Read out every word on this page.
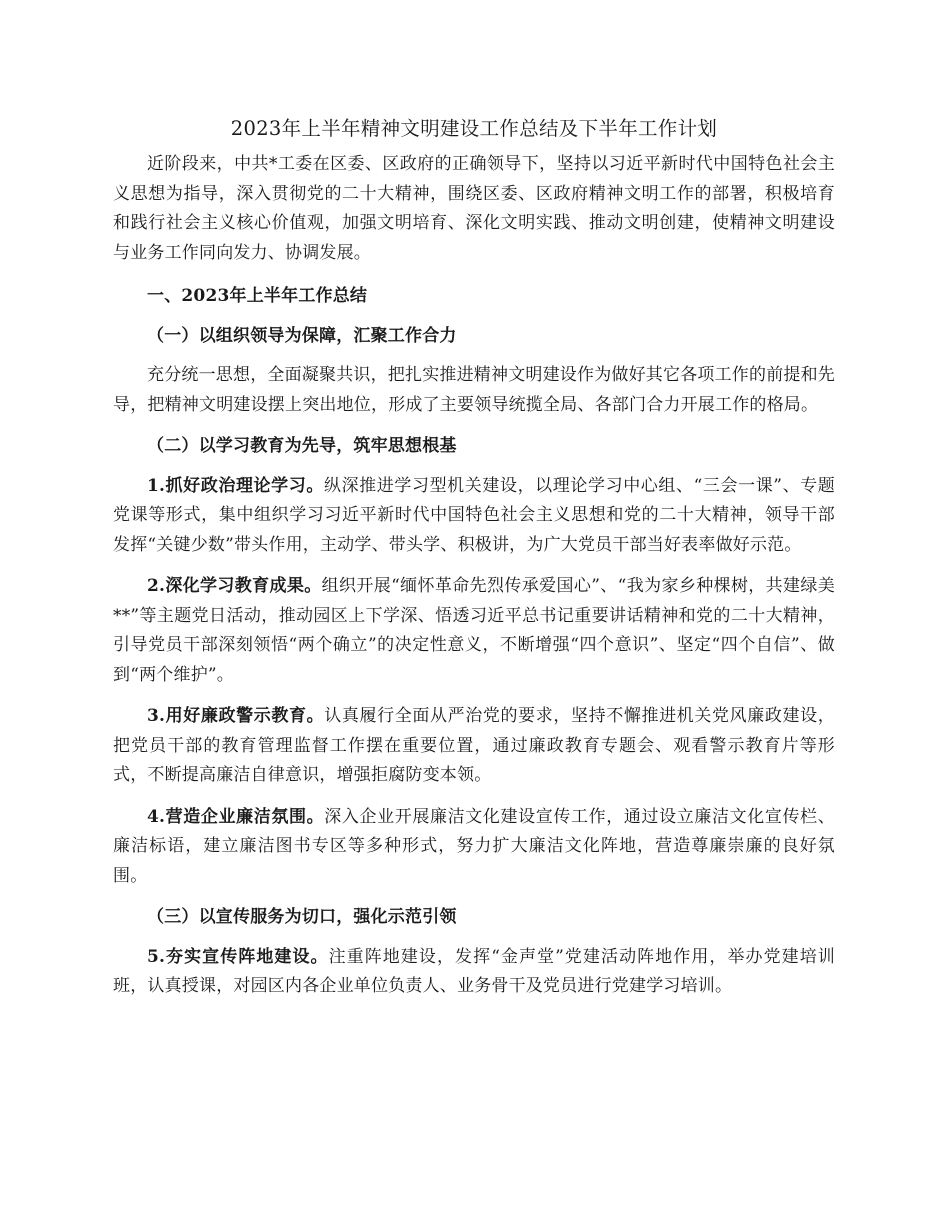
2023年上半年精神文明建设工作总结及下半年工作计划

近阶段来，中共*工委在区委、区政府的正确领导下，坚持以习近平新时代中国特色社会主义思想为指导，深入贯彻党的二十大精神，围绕区委、区政府精神文明工作的部署，积极培育和践行社会主义核心价值观，加强文明培育、深化文明实践、推动文明创建，使精神文明建设与业务工作同向发力、协调发展。

一、2023年上半年工作总结

（一）以组织领导为保障，汇聚工作合力

充分统一思想，全面凝聚共识，把扎实推进精神文明建设作为做好其它各项工作的前提和先导，把精神文明建设摆上突出地位，形成了主要领导统揽全局、各部门合力开展工作的格局。

（二）以学习教育为先导，筑牢思想根基

1.抓好政治理论学习。纵深推进学习型机关建设，以理论学习中心组、“三会一课”、专题党课等形式，集中组织学习习近平新时代中国特色社会主义思想和党的二十大精神，领导干部发挥“关键少数”带头作用，主动学、带头学、积极讲，为广大党员干部当好表率做好示范。

2.深化学习教育成果。组织开展“缅怀革命先烈传承爱国心”、“我为家乡种棵树，共建绿美**”等主题党日活动，推动园区上下学深、悟透习近平总书记重要讲话精神和党的二十大精神，引导党员干部深刻领悟“两个确立”的决定性意义，不断增强“四个意识”、坚定“四个自信”、做到“两个维护”。

3.用好廉政警示教育。认真履行全面从严治党的要求，坚持不懈推进机关党风廉政建设，把党员干部的教育管理监督工作摆在重要位置，通过廉政教育专题会、观看警示教育片等形式，不断提高廉洁自律意识，增强拒腐防变本领。

4.营造企业廉洁氛围。深入企业开展廉洁文化建设宣传工作，通过设立廉洁文化宣传栏、廉洁标语，建立廉洁图书专区等多种形式，努力扩大廉洁文化阵地，营造尊廉崇廉的良好氛围。

（三）以宣传服务为切口，强化示范引领

5.夯实宣传阵地建设。注重阵地建设，发挥“金声堂”党建活动阵地作用，举办党建培训班，认真授课，对园区内各企业单位负责人、业务骨干及党员进行党建学习培训。
